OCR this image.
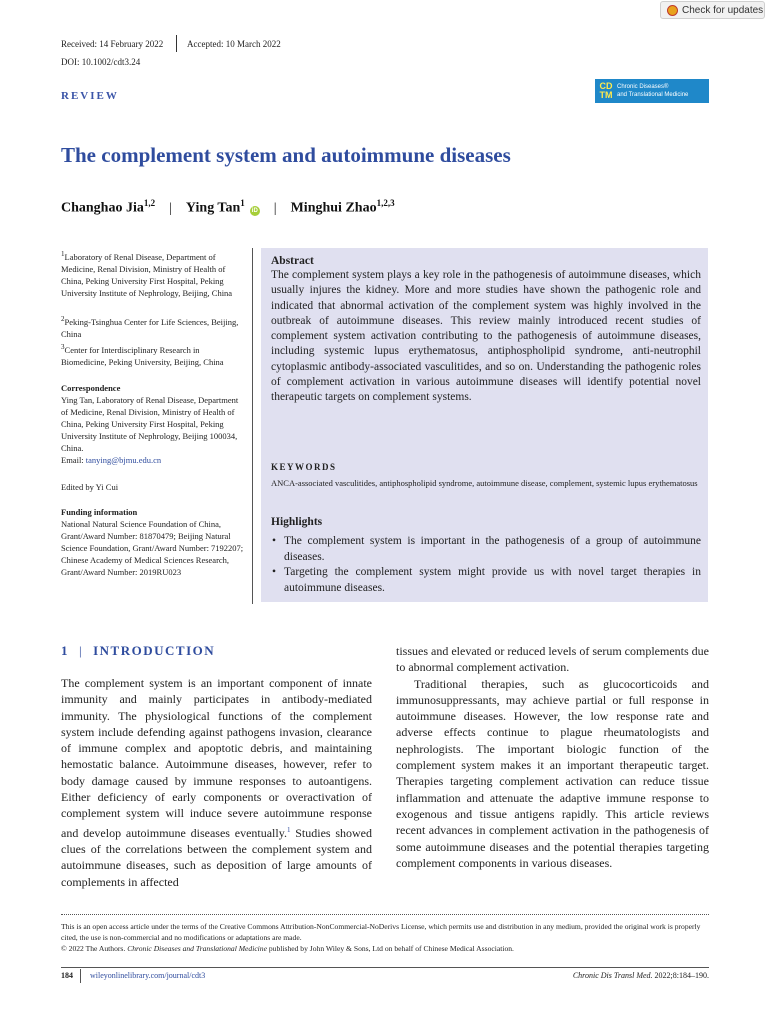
Check for updates
Received: 14 February 2022	Accepted: 10 March 2022
DOI: 10.1002/cdt3.24
REVIEW
CD TM
Chronic Diseases®
and Translational Medicine
The complement system and autoimmune diseases
Changhao Jia$^{1,2}$ | Ying Tan$^1$
iD | Minghui Zhao$^{1,2,3}$
$^1$Laboratory of Renal Disease, Department of Medicine, Renal Division, Ministry of Health of China, Peking University First Hospital, Peking University Institute of Nephrology, Beijing, China
$^2$Peking-Tsinghua Center for Life Sciences, Beijing, China
$^3$Center for Interdisciplinary Research in Biomedicine, Peking University, Beijing, China
Correspondence
Ying Tan, Laboratory of Renal Disease, Department of Medicine, Renal Division, Ministry of Health of China, Peking University First Hospital, Peking University Institute of Nephrology, Beijing 100034, China.
Email: tanying@bjmu.edu.cn
Edited by Yi Cui
Funding information
National Natural Science Foundation of China, Grant/Award Number: 81870479; Beijing Natural Science Foundation, Grant/Award Number: 7192207; Chinese Academy of Medical Sciences Research, Grant/Award Number: 2019RU023
Abstract
The complement system plays a key role in the pathogenesis of autoimmune diseases, which usually injures the kidney. More and more studies have shown the pathogenic role and indicated that abnormal activation of the complement system was highly involved in the outbreak of autoimmune diseases. This review mainly introduced recent studies of complement system activation contributing to the pathogenesis of autoimmune diseases, including systemic lupus erythematosus, antiphospholipid syndrome, anti-neutrophil cytoplasmic antibody-associated vasculitides, and so on. Understanding the pathogenic roles of complement activation in various autoimmune diseases will identify potential novel therapeutic targets on complement systems.
KEYWORDS
ANCA-associated vasculitides, antiphospholipid syndrome, autoimmune disease, complement, systemic lupus erythematosus
Highlights
• The complement system is important in the pathogenesis of a group of autoimmune diseases.
• Targeting the complement system might provide us with novel target therapies in autoimmune diseases.
1 | INTRODUCTION

The complement system is an important component of innate immunity and mainly participates in antibody-mediated immunity. The physiological functions of the complement system include defending against pathogens invasion, clearance of immune complex and apoptotic debris, and maintaining hemostatic balance. Autoimmune diseases, however, refer to body damage caused by immune responses to autoantigens. Either deficiency of early components or overactivation of complement system will induce severe autoimmune response and develop autoimmune diseases eventually.$^1$ Studies showed clues of the correlations between the complement system and autoimmune diseases, such as deposition of large amounts of complements in affected

tissues and elevated or reduced levels of serum complements due to abnormal complement activation.

Traditional therapies, such as glucocorticoids and immunosuppressants, may achieve partial or full response in autoimmune diseases. However, the low response rate and adverse effects continue to plague rheumatologists and nephrologists. The important biologic function of the complement system makes it an important therapeutic target. Therapies targeting complement activation can reduce tissue inflammation and attenuate the adaptive immune response to exogenous and tissue antigens rapidly. This article reviews recent advances in complement activation in the pathogenesis of some autoimmune diseases and the potential therapies targeting complement components in various diseases.

This is an open access article under the terms of the Creative Commons Attribution-NonCommercial-NoDerivs License, which permits use and distribution in any medium, provided the original work is properly cited, the use is non-commercial and no modifications or adaptations are made.
© 2022 The Authors. Chronic Diseases and Translational Medicine published by John Wiley & Sons, Ltd on behalf of Chinese Medical Association.
184 wileyonlinelibrary.com/journal/cdt3	Chronic Dis Transl Med. 2022;8:184–190.
